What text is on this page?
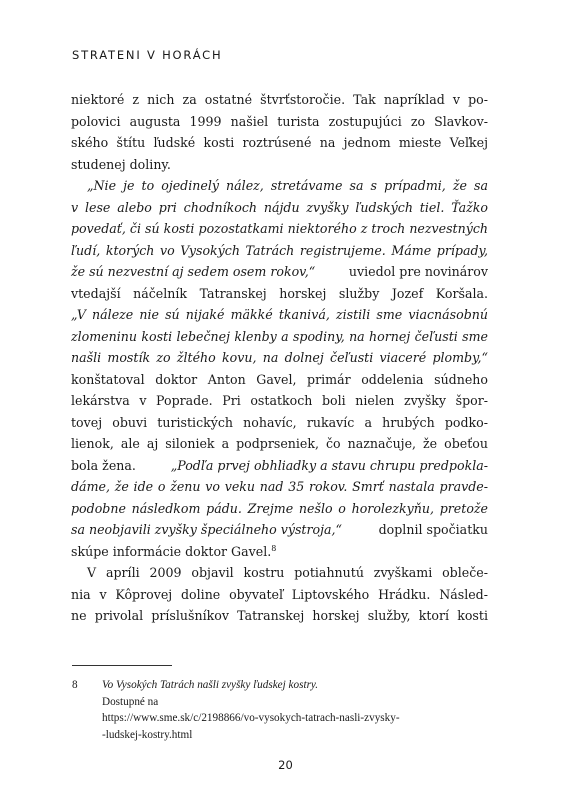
STRATENI V HORÁCH
niektoré z nich za ostatné štvrťstoročie. Tak napríklad v po-
polovici augusta 1999 našiel turista zostupujúci zo Slavkov-
ského štítu ľudské kosti roztrúsené na jednom mieste Veľkej
studenej doliny.
„Nie je to ojedinelý nález, stretávame sa s prípadmi, že sa
v lese alebo pri chodníkoch nájdu zvyšky ľudských tiel. Ťažko
povedať, či sú kosti pozostatkami niektorého z troch nezvestných
ľudí, ktorých vo Vysokých Tatrách registrujeme. Máme prípady,
že sú nezvestní aj sedem osem rokov,“	uviedol pre novinárov
vtedajší náčelník Tatranskej horskej služby Jozef Koršala.
„V náleze nie sú nijaké mäkké tkanivá, zistili sme viacnásobnú
zlomeninu kosti lebečnej klenby a spodiny, na hornej čeľusti sme
našli mostík zo žltého kovu, na dolnej čeľusti viaceré plomby,“
konštatoval doktor Anton Gavel, primár oddelenia súdneho
lekárstva v Poprade. Pri ostatkoch boli nielen zvyšky špor-
tovej obuvi turistických nohavíc, rukavíc a hrubých podko-
lienok, ale aj siloniek a podprseniek, čo naznačuje, že obeťou
bola žena.	„Podľa prvej obhliadky a stavu chrupu predpokla-
dáme, že ide o ženu vo veku nad 35 rokov. Smrť nastala pravde-
podobne následkom pádu. Zrejme nešlo o horolezkyňu, pretože
sa neobjavili zvyšky špeciálneho výstroja,“	doplnil spočiatku
skúpe informácie doktor Gavel.$^8$
V apríli 2009 objavil kostru potiahnutú zvyškami obleče-
nia v Kôprovej doline obyvateľ Liptovského Hrádku. Násled-
ne privolal príslušníkov Tatranskej horskej služby, ktorí kosti
8 Vo Vysokých Tatrách našli zvyšky ľudskej kostry.
Dostupné na
https://www.sme.sk/c/2198866/vo-vysokych-tatrach-nasli-zvysky-
-ludskej-kostry.html
20
